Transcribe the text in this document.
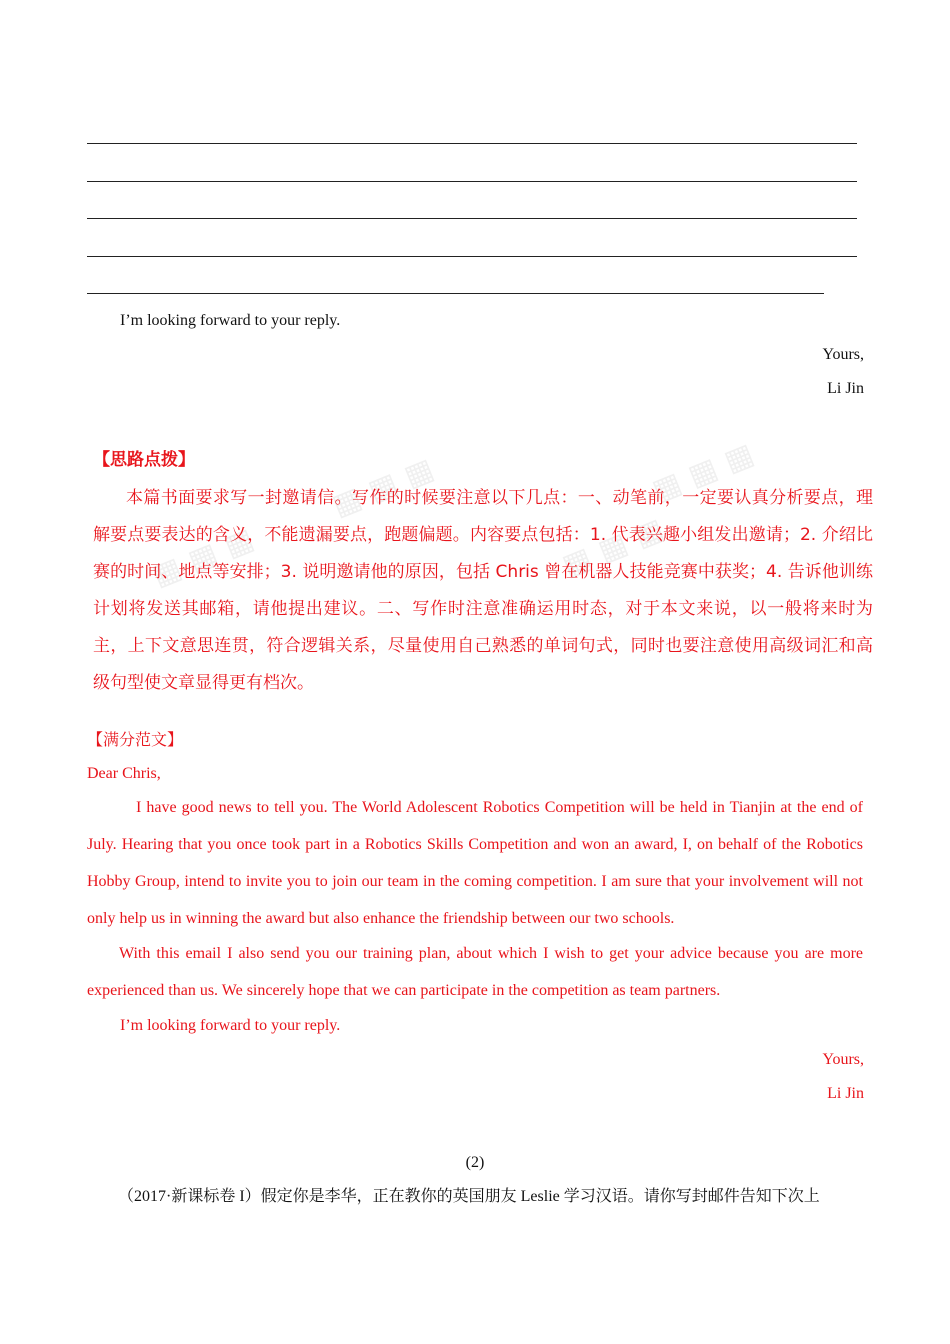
I’m looking forward to your reply.
Yours,
Li Jin
▦ ▦ ▦	▦ ▦ ▦
▦ ▦ ▦	▦ ▦ ▦
【思路点拨】
本篇书面要求写一封邀请信。写作的时候要注意以下几点：一、动笔前，一定要认真分析要点，理解要点要表达的含义，不能遗漏要点，跑题偏题。内容要点包括：1. 代表兴趣小组发出邀请；2. 介绍比赛的时间、地点等安排；3. 说明邀请他的原因，包括 Chris 曾在机器人技能竞赛中获奖；4. 告诉他训练计划将发送其邮箱，请他提出建议。二、写作时注意准确运用时态，对于本文来说，以一般将来时为主，上下文意思连贯，符合逻辑关系，尽量使用自己熟悉的单词句式，同时也要注意使用高级词汇和高级句型使文章显得更有档次。
【满分范文】
Dear Chris,
I have good news to tell you. The World Adolescent Robotics Competition will be held in Tianjin at the end of July. Hearing that you once took part in a Robotics Skills Competition and won an award, I, on behalf of the Robotics Hobby Group, intend to invite you to join our team in the coming competition. I am sure that your involvement will not only help us in winning the award but also enhance the friendship between our two schools.
With this email I also send you our training plan, about which I wish to get your advice because you are more experienced than us. We sincerely hope that we can participate in the competition as team partners.
I’m looking forward to your reply.
Yours,
Li Jin
(2)
（2017·新课标卷 I）假定你是李华，正在教你的英国朋友 Leslie 学习汉语。请你写封邮件告知下次上
